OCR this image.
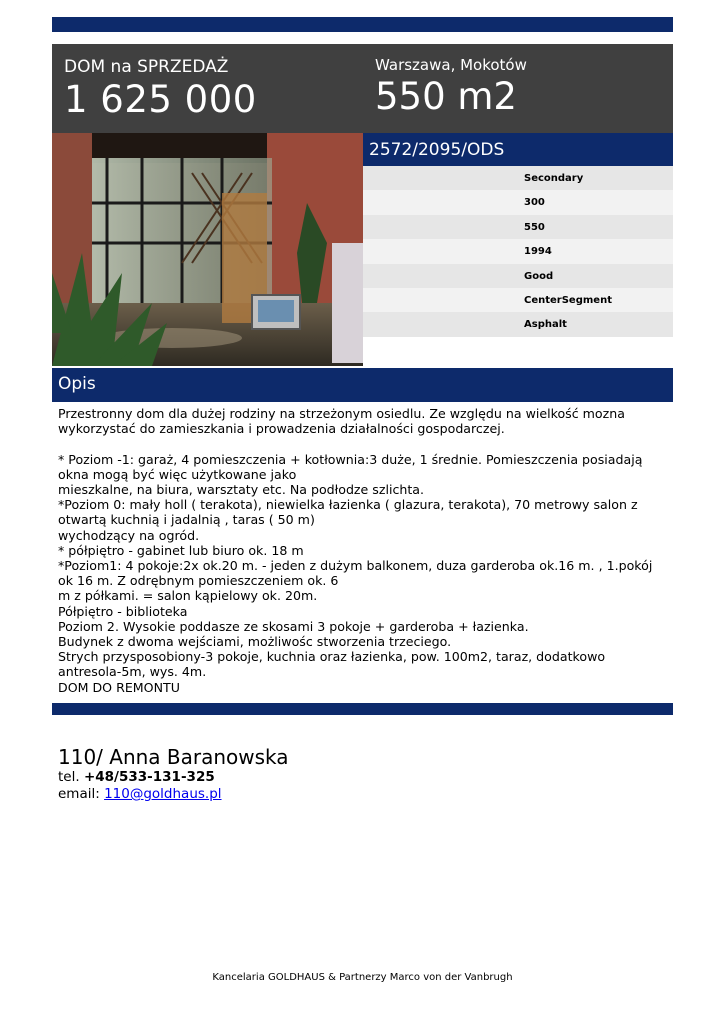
DOM na SPRZEDAŻ
1 625 000
Warszawa, Mokotów
550 m2
2572/2095/ODS
Secondary
300
550
1994
Good
CenterSegment
Asphalt
Opis
Przestronny dom dla dużej rodziny na strzeżonym osiedlu. Ze względu na wielkość mozna wykorzystać do zamieszkania i prowadzenia działalności gospodarczej.

* Poziom -1: garaż, 4 pomieszczenia + kotłownia:3 duże, 1 średnie. Pomieszczenia posiadają okna mogą być więc użytkowane jako
mieszkalne, na biura, warsztaty etc. Na podłodze szlichta.
*Poziom 0: mały holl ( terakota), niewielka łazienka ( glazura, terakota), 70 metrowy salon z otwartą kuchnią i jadalnią , taras ( 50 m)
wychodzący na ogród.
* półpiętro - gabinet lub biuro ok. 18 m
*Poziom1: 4 pokoje:2x ok.20 m. - jeden z dużym balkonem, duza garderoba ok.16 m. , 1.pokój ok 16 m. Z odrębnym pomieszczeniem ok. 6
m z półkami. = salon kąpielowy ok. 20m.
Półpiętro - biblioteka
Poziom 2. Wysokie poddasze ze skosami 3 pokoje + garderoba + łazienka.
Budynek z dwoma wejściami, możliwośc stworzenia trzeciego.
Strych przysposobiony-3 pokoje, kuchnia oraz łazienka, pow. 100m2, taraz, dodatkowo antresola-5m, wys. 4m.
DOM DO REMONTU
110/ Anna Baranowska
tel. +48/533-131-325
email: 110@goldhaus.pl
Kancelaria GOLDHAUS & Partnerzy Marco von der Vanbrugh
